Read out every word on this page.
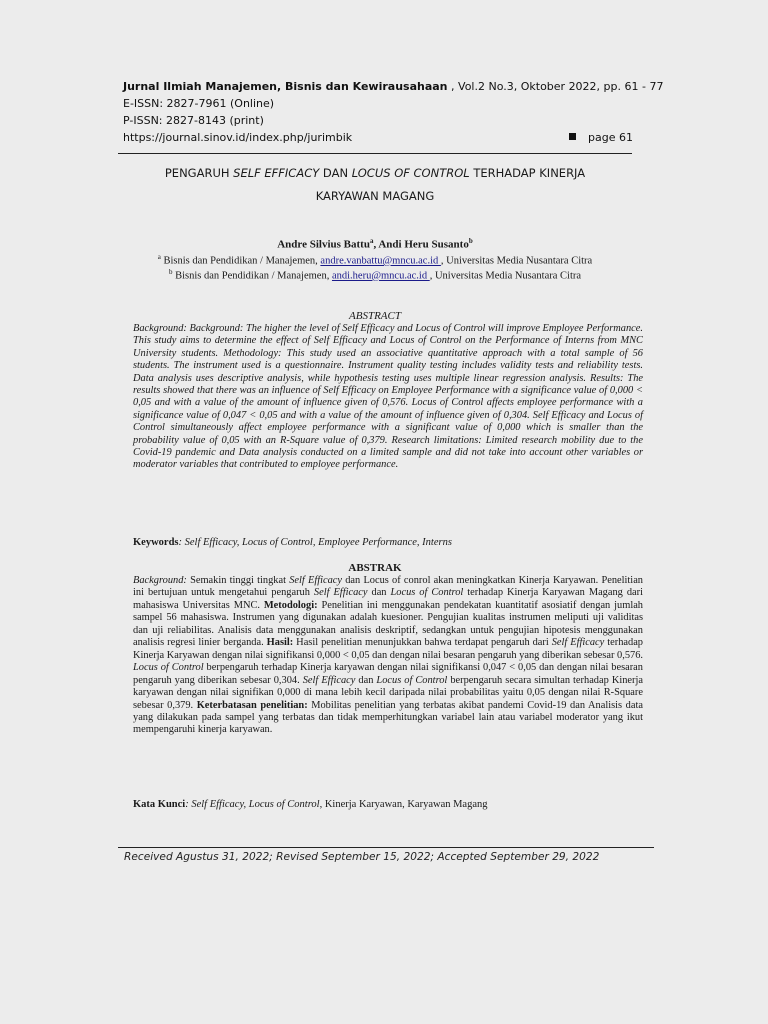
Jurnal Ilmiah Manajemen, Bisnis dan Kewirausahaan , Vol.2 No.3, Oktober 2022, pp. 61 - 77
E-ISSN: 2827-7961 (Online)
P-ISSN: 2827-8143 (print)
https://journal.sinov.id/index.php/jurimbik	page 61
PENGARUH SELF EFFICACY DAN LOCUS OF CONTROL TERHADAP KINERJA
KARYAWAN MAGANG
Andre Silvius Battu$^a$, Andi Heru Susanto$^b$
$^a$ Bisnis dan Pendidikan / Manajemen, andre.vanbattu@mncu.ac.id , Universitas Media Nusantara Citra
$^b$ Bisnis dan Pendidikan / Manajemen, andi.heru@mncu.ac.id , Universitas Media Nusantara Citra
ABSTRACT
Background: Background: The higher the level of Self Efficacy and Locus of Control will improve Employee Performance. This study aims to determine the effect of Self Efficacy and Locus of Control on the Performance of Interns from MNC University students. Methodology: This study used an associative quantitative approach with a total sample of 56 students. The instrument used is a questionnaire. Instrument quality testing includes validity tests and reliability tests. Data analysis uses descriptive analysis, while hypothesis testing uses multiple linear regression analysis. Results: The results showed that there was an influence of Self Efficacy on Employee Performance with a significance value of 0,000 < 0,05 and with a value of the amount of influence given of 0,576. Locus of Control affects employee performance with a significance value of 0,047 < 0,05 and with a value of the amount of influence given of 0,304. Self Efficacy and Locus of Control simultaneously affect employee performance with a significant value of 0,000 which is smaller than the probability value of 0,05 with an R-Square value of 0,379. Research limitations: Limited research mobility due to the Covid-19 pandemic and Data analysis conducted on a limited sample and did not take into account other variables or moderator variables that contributed to employee performance.
Keywords: Self Efficacy, Locus of Control, Employee Performance, Interns
ABSTRAK
Background: Semakin tinggi tingkat Self Efficacy dan Locus of conrol akan meningkatkan Kinerja Karyawan. Penelitian ini bertujuan untuk mengetahui pengaruh Self Efficacy dan Locus of Control terhadap Kinerja Karyawan Magang dari mahasiswa Universitas MNC. Metodologi: Penelitian ini menggunakan pendekatan kuantitatif asosiatif dengan jumlah sampel 56 mahasiswa. Instrumen yang digunakan adalah kuesioner. Pengujian kualitas instrumen meliputi uji validitas dan uji reliabilitas. Analisis data menggunakan analisis deskriptif, sedangkan untuk pengujian hipotesis menggunakan analisis regresi linier berganda. Hasil: Hasil penelitian menunjukkan bahwa terdapat pengaruh dari Self Efficacy terhadap Kinerja Karyawan dengan nilai signifikansi 0,000 < 0,05 dan dengan nilai besaran pengaruh yang diberikan sebesar 0,576. Locus of Control berpengaruh terhadap Kinerja karyawan dengan nilai signifikansi 0,047 < 0,05 dan dengan nilai besaran pengaruh yang diberikan sebesar 0,304. Self Efficacy dan Locus of Control berpengaruh secara simultan terhadap Kinerja karyawan dengan nilai signifikan 0,000 di mana lebih kecil daripada nilai probabilitas yaitu 0,05 dengan nilai R-Square sebesar 0,379. Keterbatasan penelitian: Mobilitas penelitian yang terbatas akibat pandemi Covid-19 dan Analisis data yang dilakukan pada sampel yang terbatas dan tidak memperhitungkan variabel lain atau variabel moderator yang ikut mempengaruhi kinerja karyawan.
Kata Kunci: Self Efficacy, Locus of Control, Kinerja Karyawan, Karyawan Magang
Received Agustus 31, 2022; Revised September 15, 2022; Accepted September 29, 2022
